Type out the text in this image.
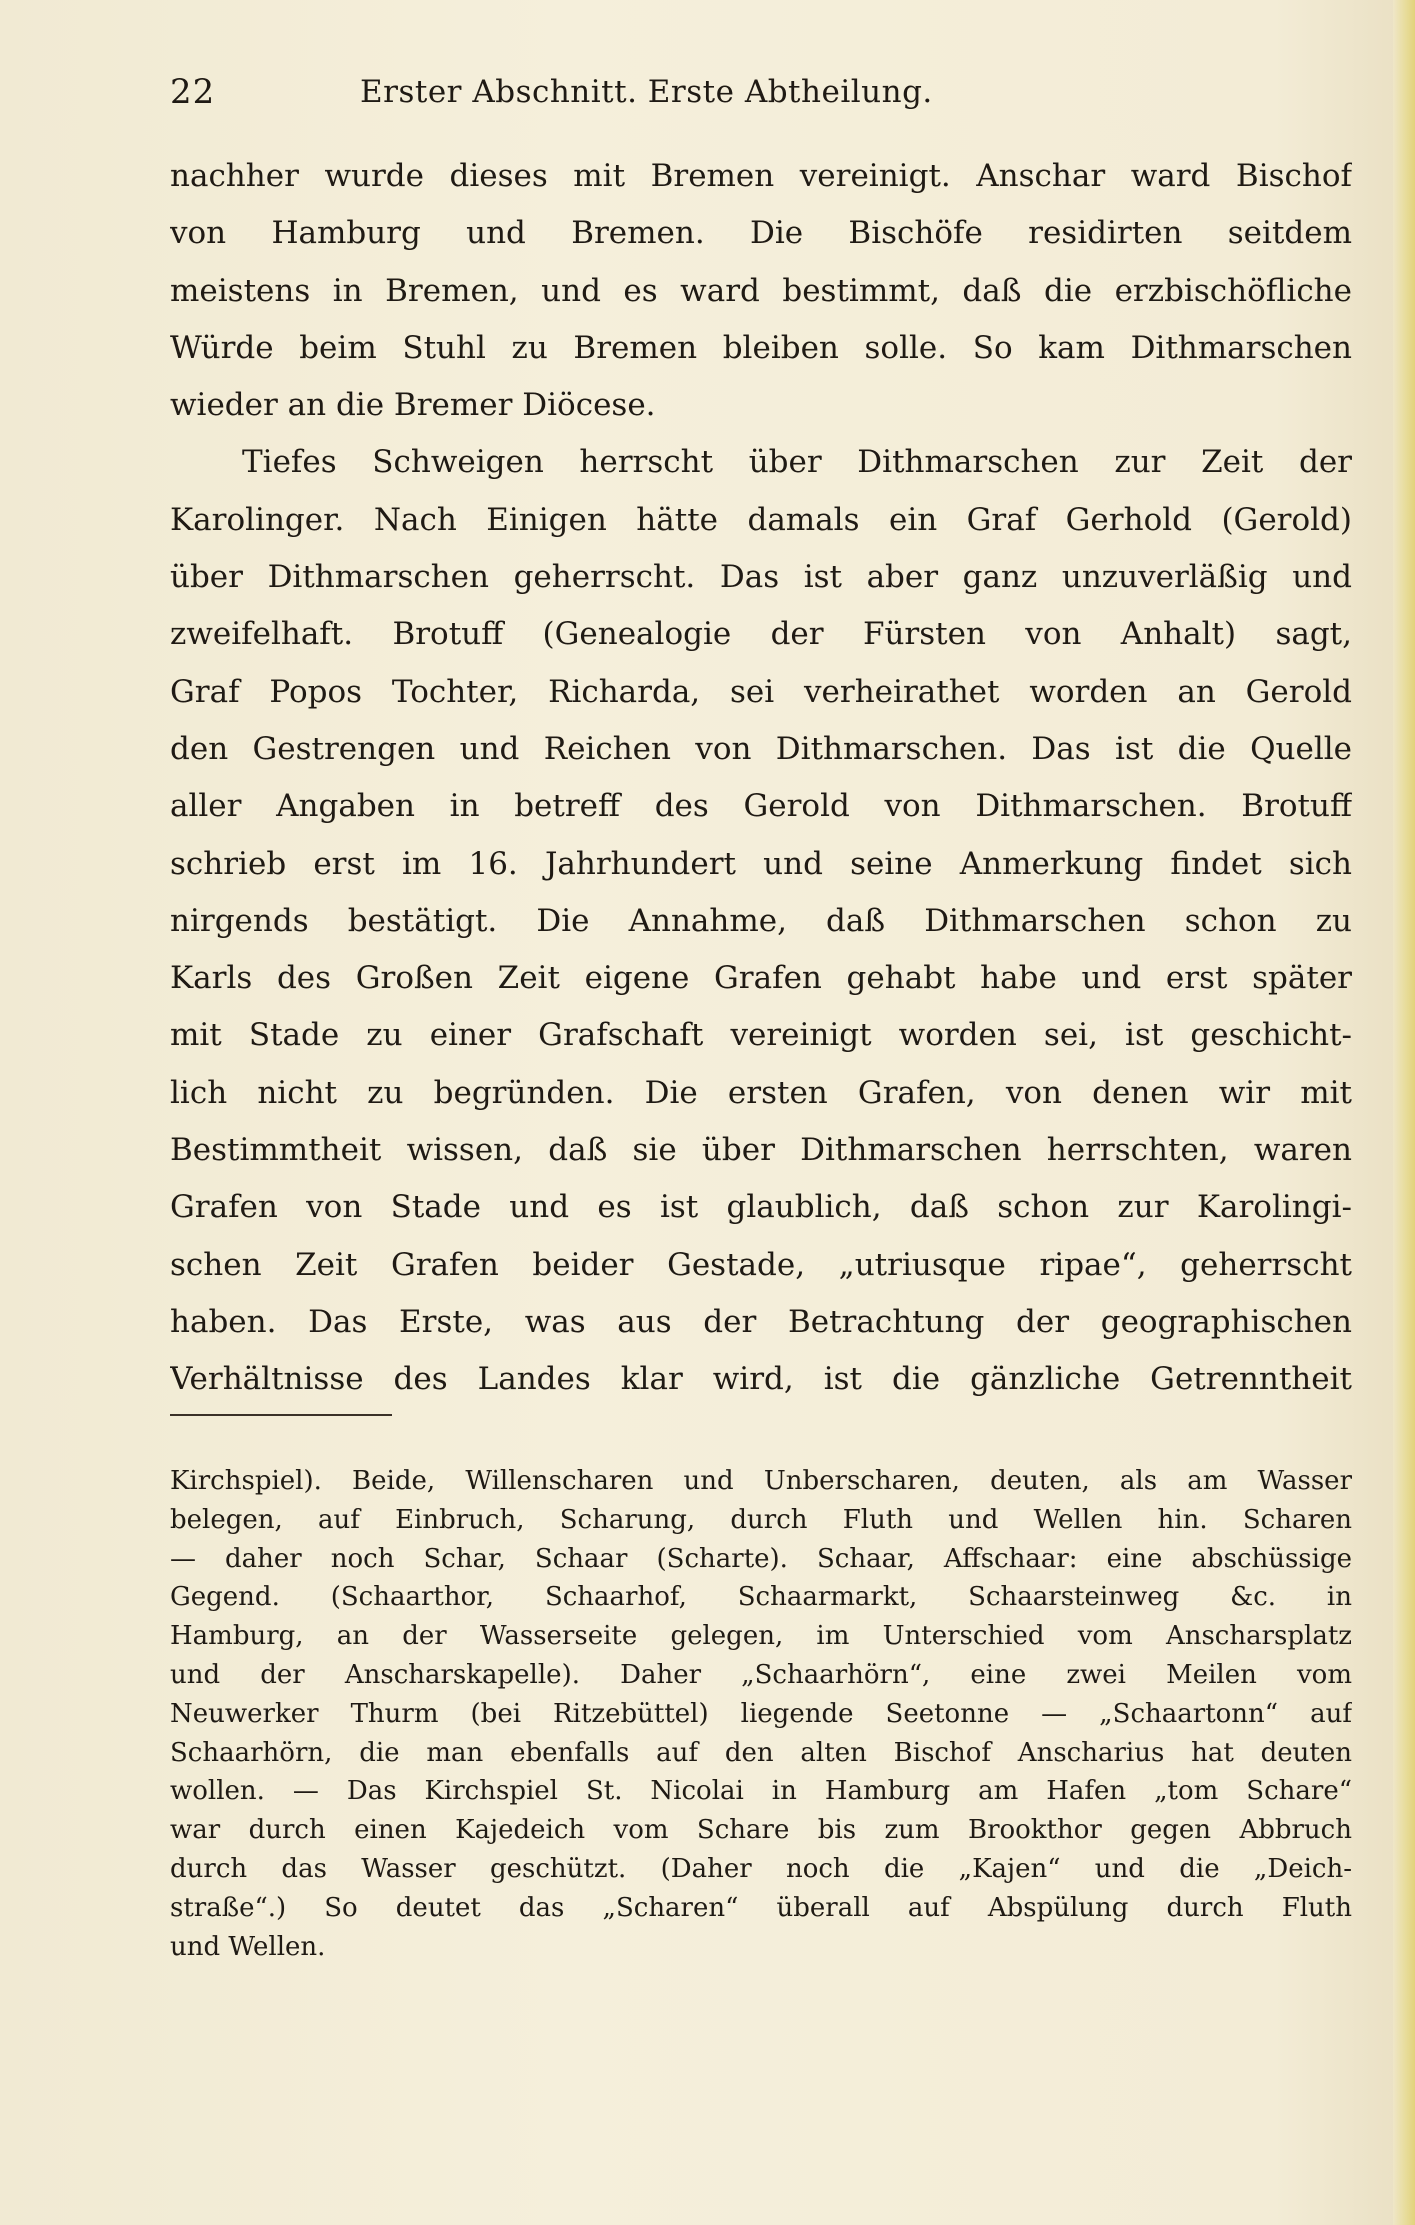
22	Erster Abschnitt. Erste Abtheilung.

nachher wurde dieses mit Bremen vereinigt. Anschar ward Bischof
von Hamburg und Bremen. Die Bischöfe residirten seitdem
meistens in Bremen, und es ward bestimmt, daß die erzbischöfliche
Würde beim Stuhl zu Bremen bleiben solle. So kam Dithmarschen
wieder an die Bremer Diöcese.

Tiefes Schweigen herrscht über Dithmarschen zur Zeit der
Karolinger. Nach Einigen hätte damals ein Graf Gerhold (Gerold)
über Dithmarschen geherrscht. Das ist aber ganz unzuverläßig und
zweifelhaft. Brotuff (Genealogie der Fürsten von Anhalt) sagt,
Graf Popos Tochter, Richarda, sei verheirathet worden an Gerold
den Gestrengen und Reichen von Dithmarschen. Das ist die Quelle
aller Angaben in betreff des Gerold von Dithmarschen. Brotuff
schrieb erst im 16. Jahrhundert und seine Anmerkung findet sich
nirgends bestätigt. Die Annahme, daß Dithmarschen schon zu
Karls des Großen Zeit eigene Grafen gehabt habe und erst später
mit Stade zu einer Grafschaft vereinigt worden sei, ist geschicht-
lich nicht zu begründen. Die ersten Grafen, von denen wir mit
Bestimmtheit wissen, daß sie über Dithmarschen herrschten, waren
Grafen von Stade und es ist glaublich, daß schon zur Karolingi-
schen Zeit Grafen beider Gestade, „utriusque ripae“, geherrscht
haben. Das Erste, was aus der Betrachtung der geographischen
Verhältnisse des Landes klar wird, ist die gänzliche Getrenntheit

Kirchspiel). Beide, Willenscharen und Unberscharen, deuten, als am Wasser
belegen, auf Einbruch, Scharung, durch Fluth und Wellen hin. Scharen
— daher noch Schar, Schaar (Scharte). Schaar, Affschaar: eine abschüssige
Gegend. (Schaarthor, Schaarhof, Schaarmarkt, Schaarsteinweg &c. in
Hamburg, an der Wasserseite gelegen, im Unterschied vom Anscharsplatz
und der Anscharskapelle). Daher „Schaarhörn“, eine zwei Meilen vom
Neuwerker Thurm (bei Ritzebüttel) liegende Seetonne — „Schaartonn“ auf
Schaarhörn, die man ebenfalls auf den alten Bischof Anscharius hat deuten
wollen. — Das Kirchspiel St. Nicolai in Hamburg am Hafen „tom Schare“
war durch einen Kajedeich vom Schare bis zum Brookthor gegen Abbruch
durch das Wasser geschützt. (Daher noch die „Kajen“ und die „Deich-
straße“.) So deutet das „Scharen“ überall auf Abspülung durch Fluth
und Wellen.
